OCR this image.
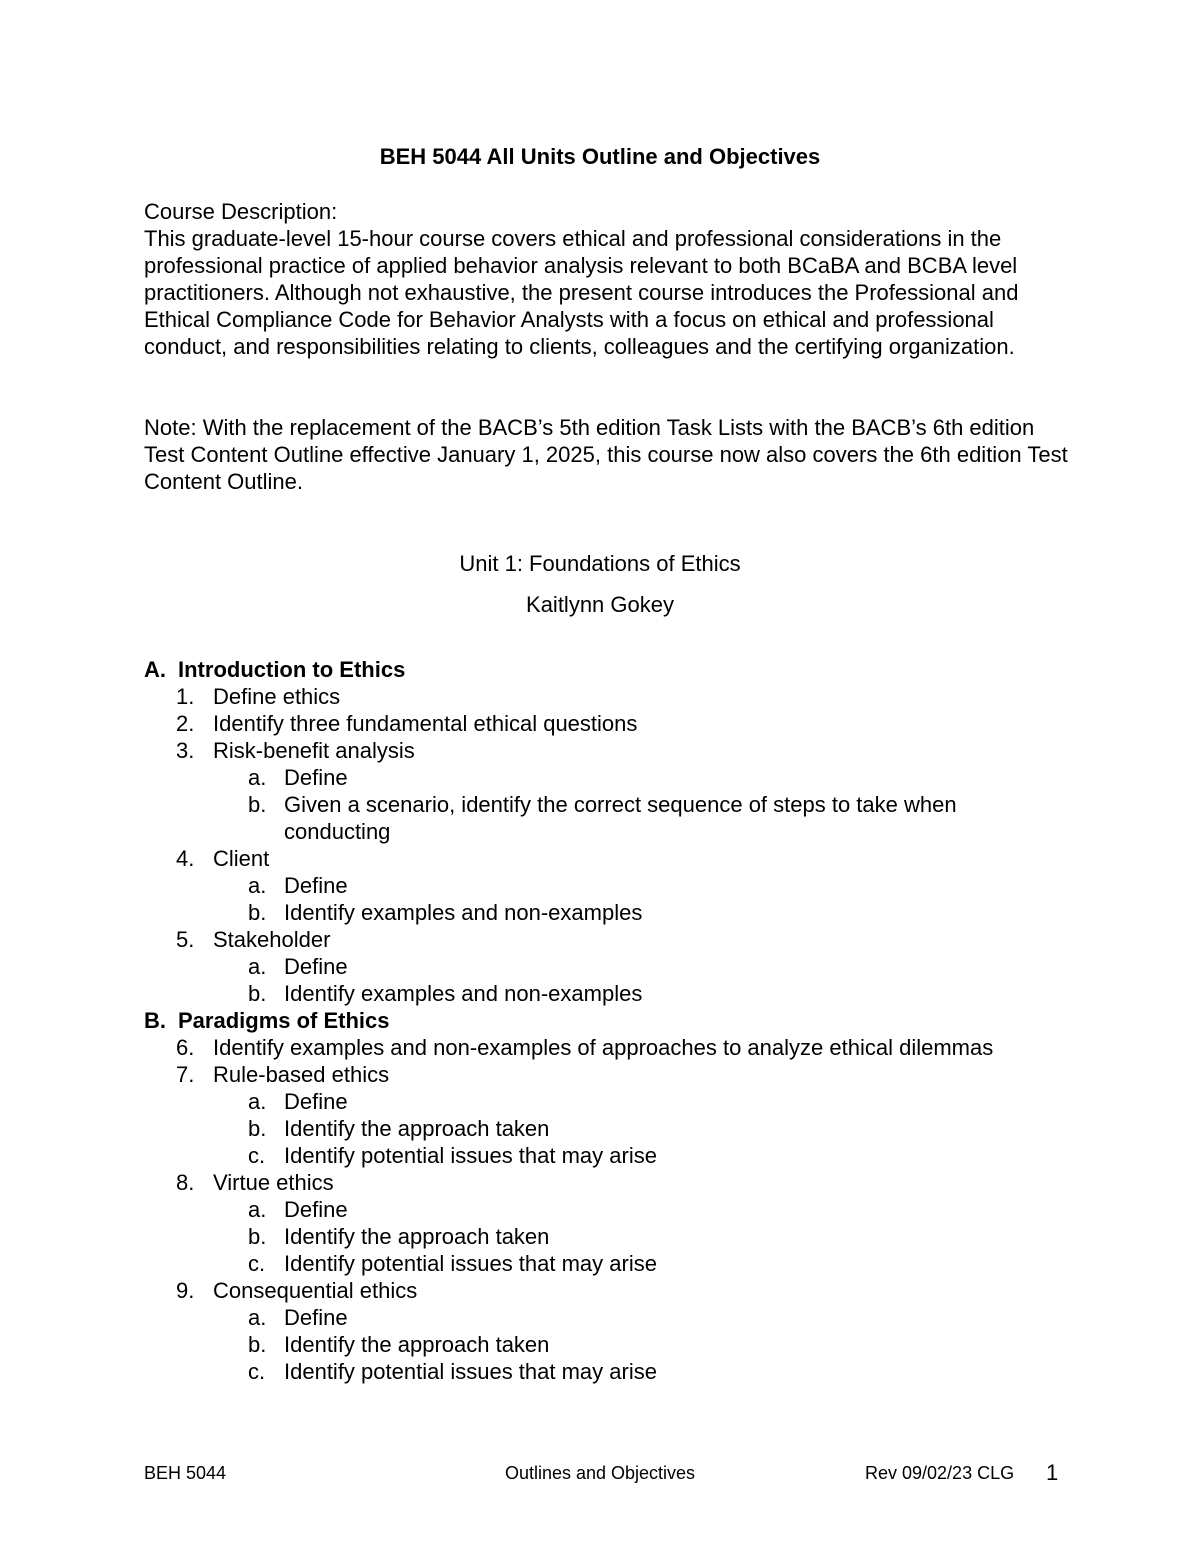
BEH 5044 All Units Outline and Objectives

Course Description:

This graduate-level 15-hour course covers ethical and professional considerations in the professional practice of applied behavior analysis relevant to both BCaBA and BCBA level practitioners. Although not exhaustive, the present course introduces the Professional and Ethical Compliance Code for Behavior Analysts with a focus on ethical and professional conduct, and responsibilities relating to clients, colleagues and the certifying organization.

Note: With the replacement of the BACB’s 5th edition Task Lists with the BACB’s 6th edition Test Content Outline effective January 1, 2025, this course now also covers the 6th edition Test Content Outline.

Unit 1: Foundations of Ethics
Kaitlynn Gokey
A. Introduction to Ethics
1. Define ethics
2. Identify three fundamental ethical questions
3. Risk-benefit analysis
a. Define
b. Given a scenario, identify the correct sequence of steps to take when
conducting
4. Client
a. Define
b. Identify examples and non-examples
5. Stakeholder
a. Define
b. Identify examples and non-examples
B. Paradigms of Ethics
6. Identify examples and non-examples of approaches to analyze ethical dilemmas
7. Rule-based ethics
a. Define
b. Identify the approach taken
c. Identify potential issues that may arise
8. Virtue ethics
a. Define
b. Identify the approach taken
c. Identify potential issues that may arise
9. Consequential ethics
a. Define
b. Identify the approach taken
c. Identify potential issues that may arise
BEH 5044	Outlines and Objectives	Rev 09/02/23 CLG 1
